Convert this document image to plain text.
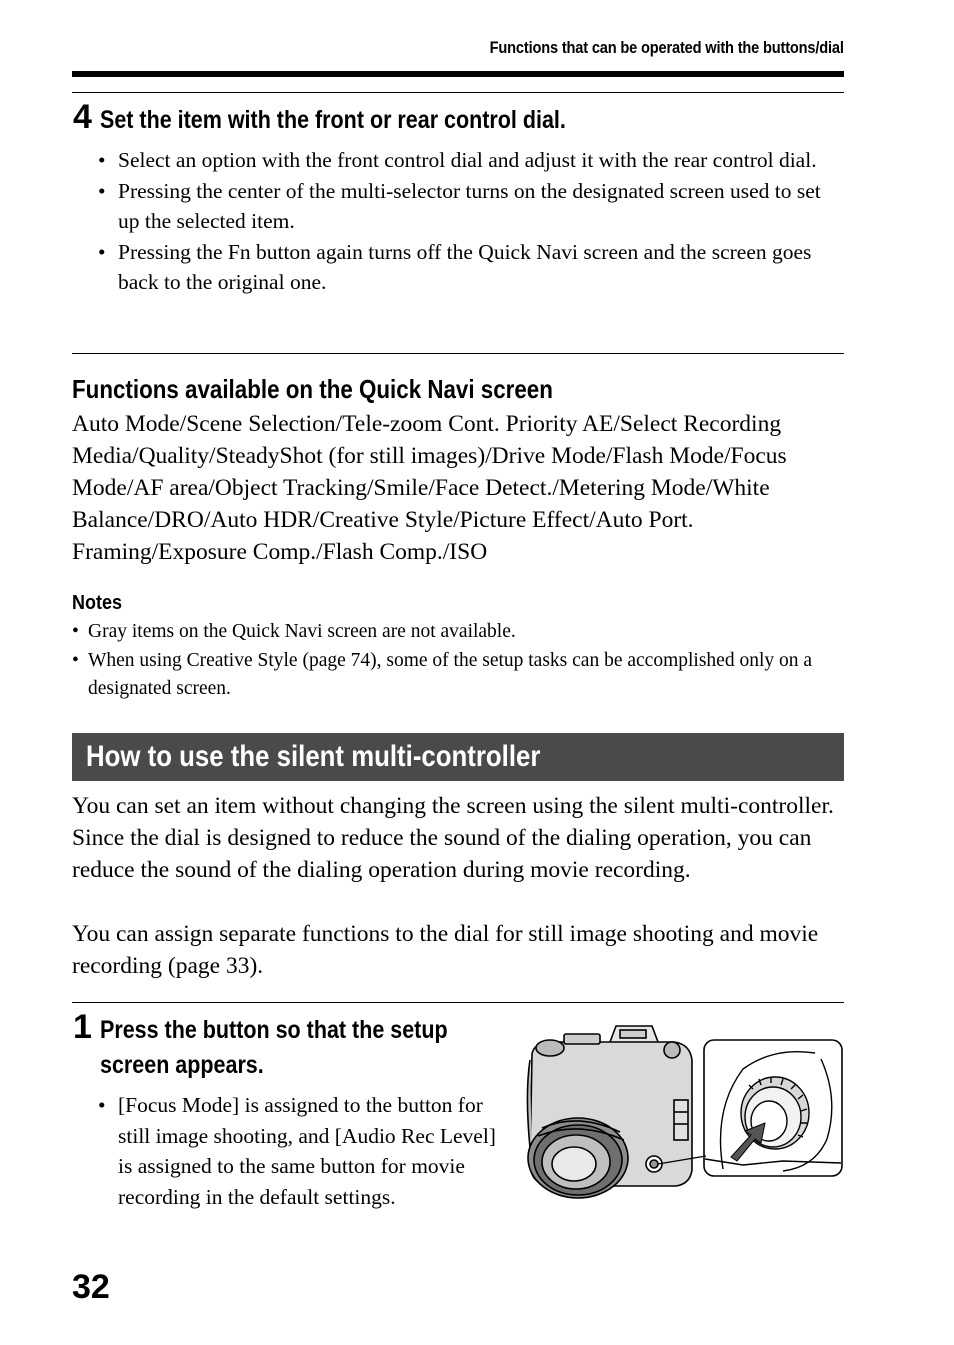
Functions that can be operated with the buttons/dial
4 Set the item with the front or rear control dial.
• Select an option with the front control dial and adjust it with the rear control dial.
• Pressing the center of the multi-selector turns on the designated screen used to set up the selected item.
• Pressing the Fn button again turns off the Quick Navi screen and the screen goes back to the original one.
Functions available on the Quick Navi screen
Auto Mode/Scene Selection/Tele-zoom Cont. Priority AE/Select Recording Media/Quality/SteadyShot (for still images)/Drive Mode/Flash Mode/Focus Mode/AF area/Object Tracking/Smile/Face Detect./Metering Mode/White Balance/DRO/Auto HDR/Creative Style/Picture Effect/Auto Port. Framing/Exposure Comp./Flash Comp./ISO
Notes
• Gray items on the Quick Navi screen are not available.
• When using Creative Style (page 74), some of the setup tasks can be accomplished only on a designated screen.
How to use the silent multi-controller
You can set an item without changing the screen using the silent multi-controller. Since the dial is designed to reduce the sound of the dialing operation, you can reduce the sound of the dialing operation during movie recording.
You can assign separate functions to the dial for still image shooting and movie recording (page 33).
1 Press the button so that the setup
screen appears.
• [Focus Mode] is assigned to the button for still image shooting, and [Audio Rec Level] is assigned to the same button for movie recording in the default settings.
32
